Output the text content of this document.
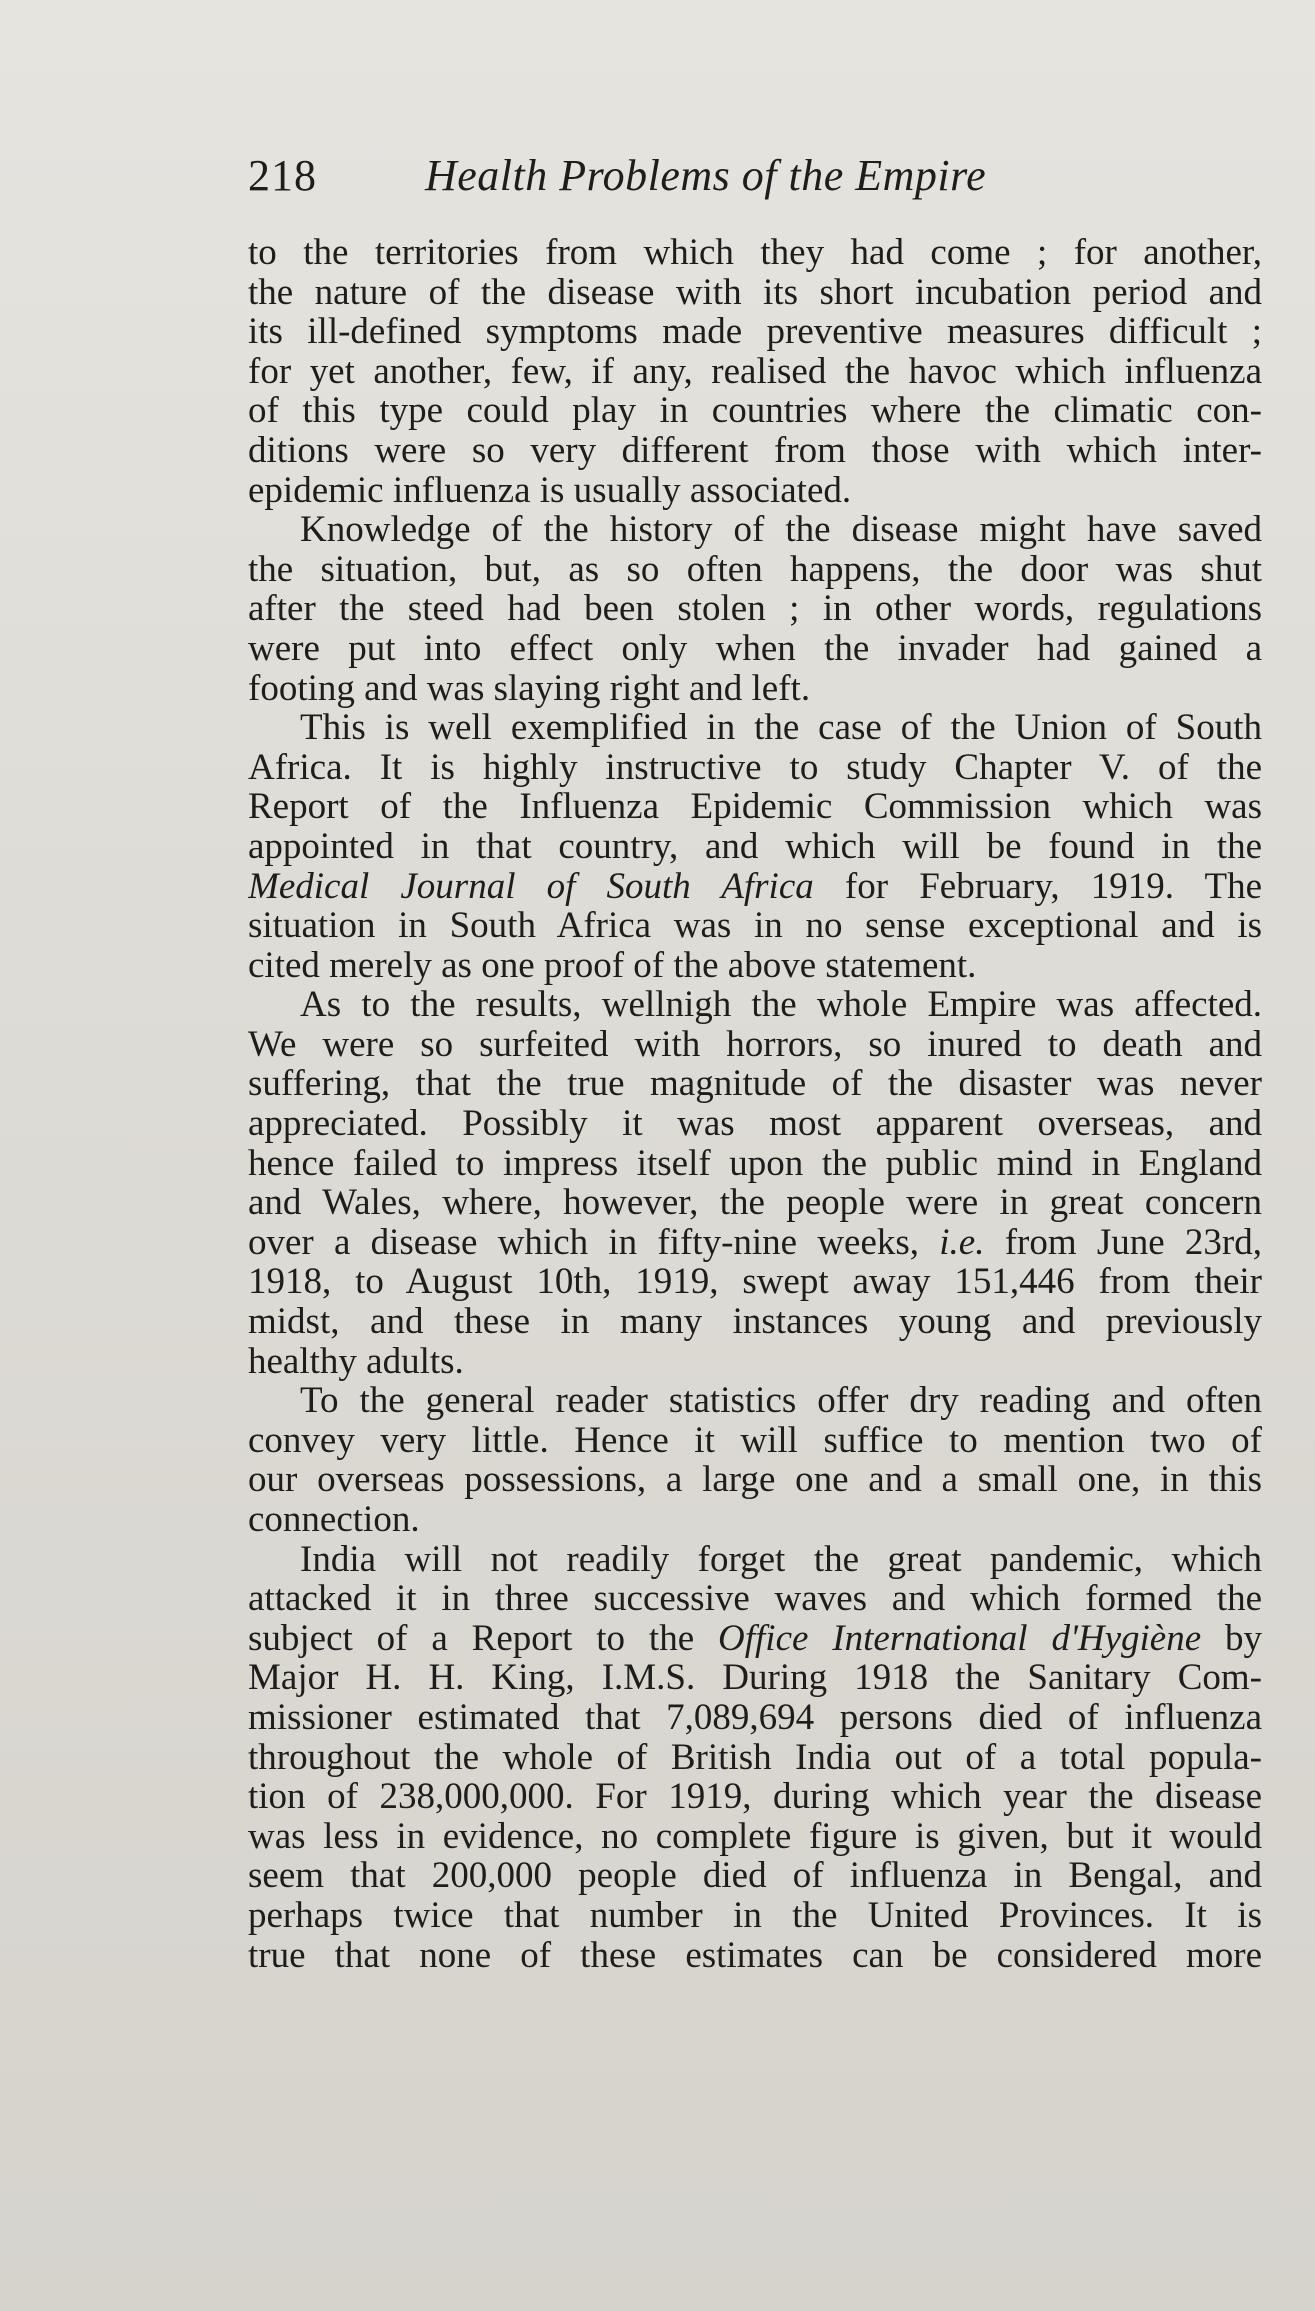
218 Health Problems of the Empire
to the territories from which they had come ; for another,
the nature of the disease with its short incubation period and
its ill-defined symptoms made preventive measures difficult ;
for yet another, few, if any, realised the havoc which influenza
of this type could play in countries where the climatic con-
ditions were so very different from those with which inter-
epidemic influenza is usually associated.
Knowledge of the history of the disease might have saved
the situation, but, as so often happens, the door was shut
after the steed had been stolen ; in other words, regulations
were put into effect only when the invader had gained a
footing and was slaying right and left.
This is well exemplified in the case of the Union of South
Africa. It is highly instructive to study Chapter V. of the
Report of the Influenza Epidemic Commission which was
appointed in that country, and which will be found in the
Medical Journal of South Africa for February, 1919. The
situation in South Africa was in no sense exceptional and is
cited merely as one proof of the above statement.
As to the results, wellnigh the whole Empire was affected.
We were so surfeited with horrors, so inured to death and
suffering, that the true magnitude of the disaster was never
appreciated. Possibly it was most apparent overseas, and
hence failed to impress itself upon the public mind in England
and Wales, where, however, the people were in great concern
over a disease which in fifty-nine weeks, i.e. from June 23rd,
1918, to August 10th, 1919, swept away 151,446 from their
midst, and these in many instances young and previously
healthy adults.
To the general reader statistics offer dry reading and often
convey very little. Hence it will suffice to mention two of
our overseas possessions, a large one and a small one, in this
connection.
India will not readily forget the great pandemic, which
attacked it in three successive waves and which formed the
subject of a Report to the Office International d'Hygiène by
Major H. H. King, I.M.S. During 1918 the Sanitary Com-
missioner estimated that 7,089,694 persons died of influenza
throughout the whole of British India out of a total popula-
tion of 238,000,000. For 1919, during which year the disease
was less in evidence, no complete figure is given, but it would
seem that 200,000 people died of influenza in Bengal, and
perhaps twice that number in the United Provinces. It is
true that none of these estimates can be considered more
